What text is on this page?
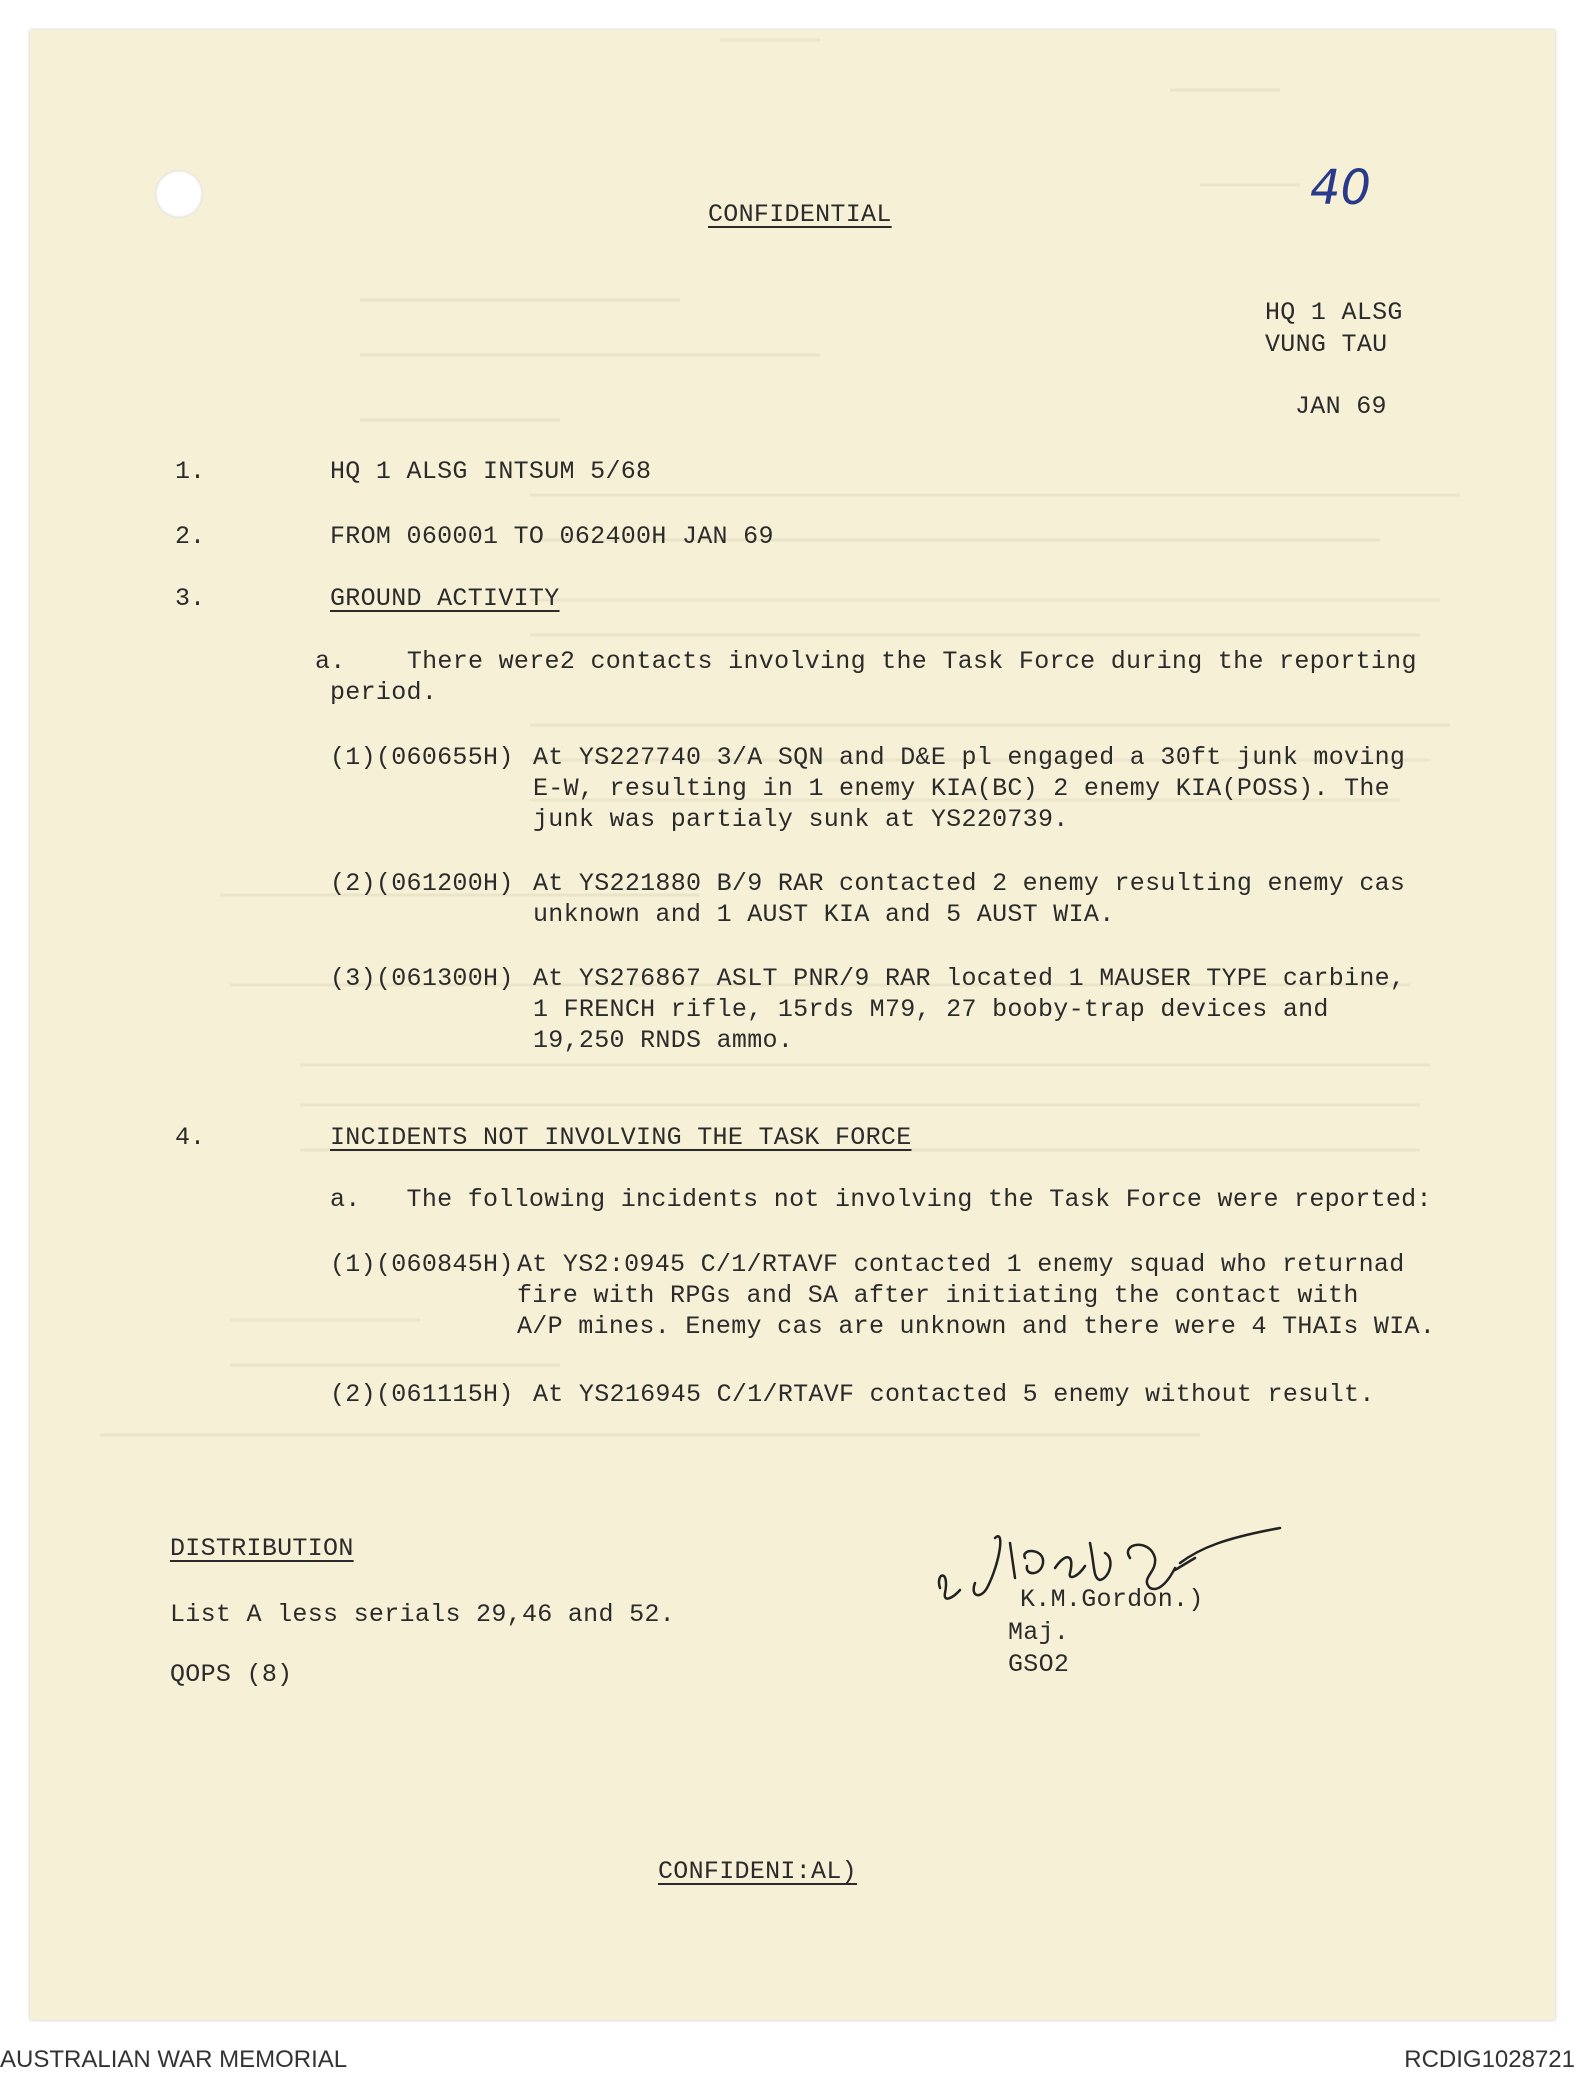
40
CONFIDENTIAL
HQ 1 ALSG
VUNG TAU
JAN 69
1.	HQ 1 ALSG INTSUM 5/68
2.	FROM 060001 TO 062400H JAN 69
3.	GROUND ACTIVITY
a.    There were2 contacts involving the Task Force during the reporting
period.
(1)(060655H) At YS227740 3/A SQN and D&E pl engaged a 30ft junk moving
E-W, resulting in 1 enemy KIA(BC) 2 enemy KIA(POSS). The
junk was partialy sunk at YS220739.
(2)(061200H) At YS221880 B/9 RAR contacted 2 enemy resulting enemy cas
unknown and 1 AUST KIA and 5 AUST WIA.
(3)(061300H) At YS276867 ASLT PNR/9 RAR located 1 MAUSER TYPE carbine,
1 FRENCH rifle, 15rds M79, 27 booby-trap devices and
19,250 RNDS ammo.
4.	INCIDENTS NOT INVOLVING THE TASK FORCE
a.   The following incidents not involving the Task Force were reported:
(1)(060845H) At YS2:0945 C/1/RTAVF contacted 1 enemy squad who returnad
fire with RPGs and SA after initiating the contact with
A/P mines. Enemy cas are unknown and there were 4 THAIs WIA.
(2)(061115H) At YS216945 C/1/RTAVF contacted 5 enemy without result.
DISTRIBUTION
List A less serials 29,46 and 52.
QOPS (8)
K.M.Gordon.)
Maj.
GSO2
CONFIDENI:AL)
AUSTRALIAN WAR MEMORIAL	RCDIG1028721
